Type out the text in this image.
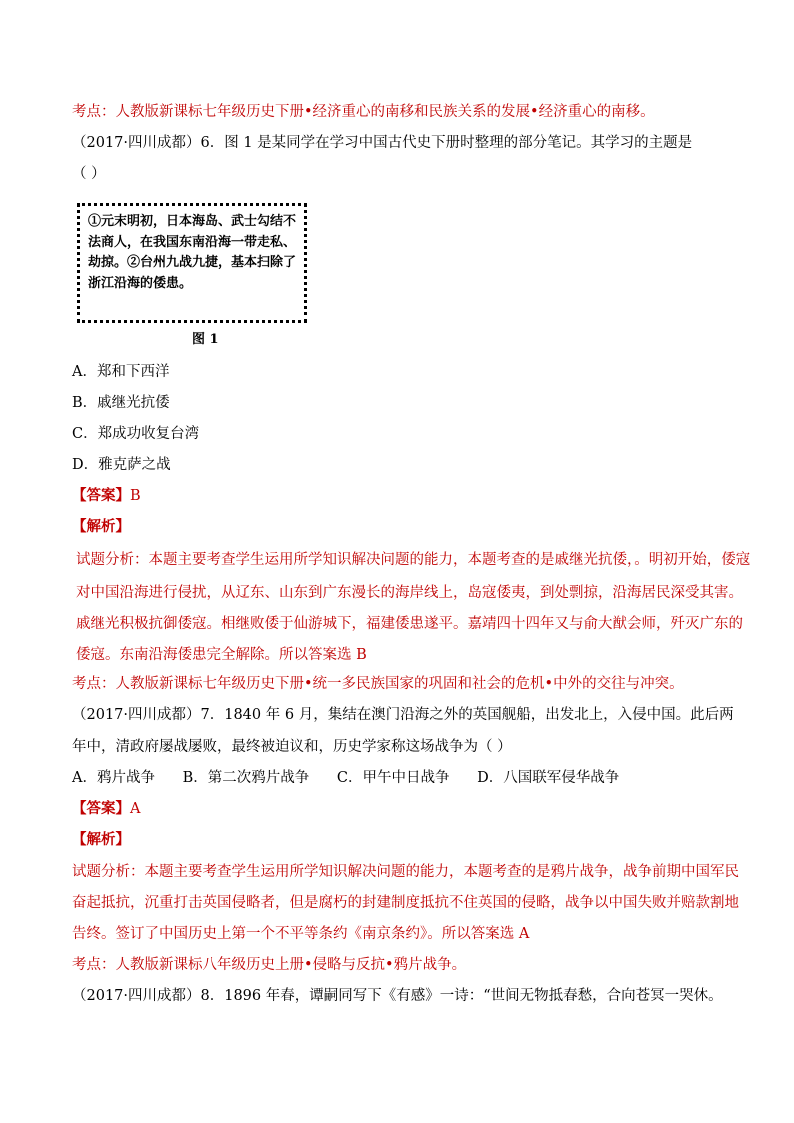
考点：人教版新课标七年级历史下册•经济重心的南移和民族关系的发展•经济重心的南移。
（2017·四川成都）6．图 1 是某同学在学习中国古代史下册时整理的部分笔记。其学习的主题是
（ ）
①元末明初，日本海岛、武士勾结不法商人，在我国东南沿海一带走私、劫掠。②台州九战九捷，基本扫除了浙江沿海的倭患。
图 1
A．郑和下西洋
B．戚继光抗倭
C．郑成功收复台湾
D．雅克萨之战
【答案】B
【解析】
试题分析：本题主要考查学生运用所学知识解决问题的能力，本题考查的是戚继光抗倭，。明初开始，倭寇
对中国沿海进行侵扰，从辽东、山东到广东漫长的海岸线上，岛寇倭夷，到处剽掠，沿海居民深受其害。
戚继光积极抗御倭寇。相继败倭于仙游城下，福建倭患遂平。嘉靖四十四年又与俞大猷会师，歼灭广东的
倭寇。东南沿海倭患完全解除。所以答案选 B
考点：人教版新课标七年级历史下册•统一多民族国家的巩固和社会的危机•中外的交往与冲突。
（2017·四川成都）7．1840 年 6 月，集结在澳门沿海之外的英国舰船，出发北上，入侵中国。此后两
年中，清政府屡战屡败，最终被迫议和，历史学家称这场战争为（ ）
A．鸦片战争      B．第二次鸦片战争      C．甲午中日战争      D．八国联军侵华战争
【答案】A
【解析】
试题分析：本题主要考查学生运用所学知识解决问题的能力，本题考查的是鸦片战争，战争前期中国军民
奋起抵抗，沉重打击英国侵略者，但是腐朽的封建制度抵抗不住英国的侵略，战争以中国失败并赔款割地
告终。签订了中国历史上第一个不平等条约《南京条约》。所以答案选 A
考点：人教版新课标八年级历史上册•侵略与反抗•鸦片战争。
（2017·四川成都）8．1896 年春，谭嗣同写下《有感》一诗：“世间无物抵春愁，合向苍冥一哭休。
